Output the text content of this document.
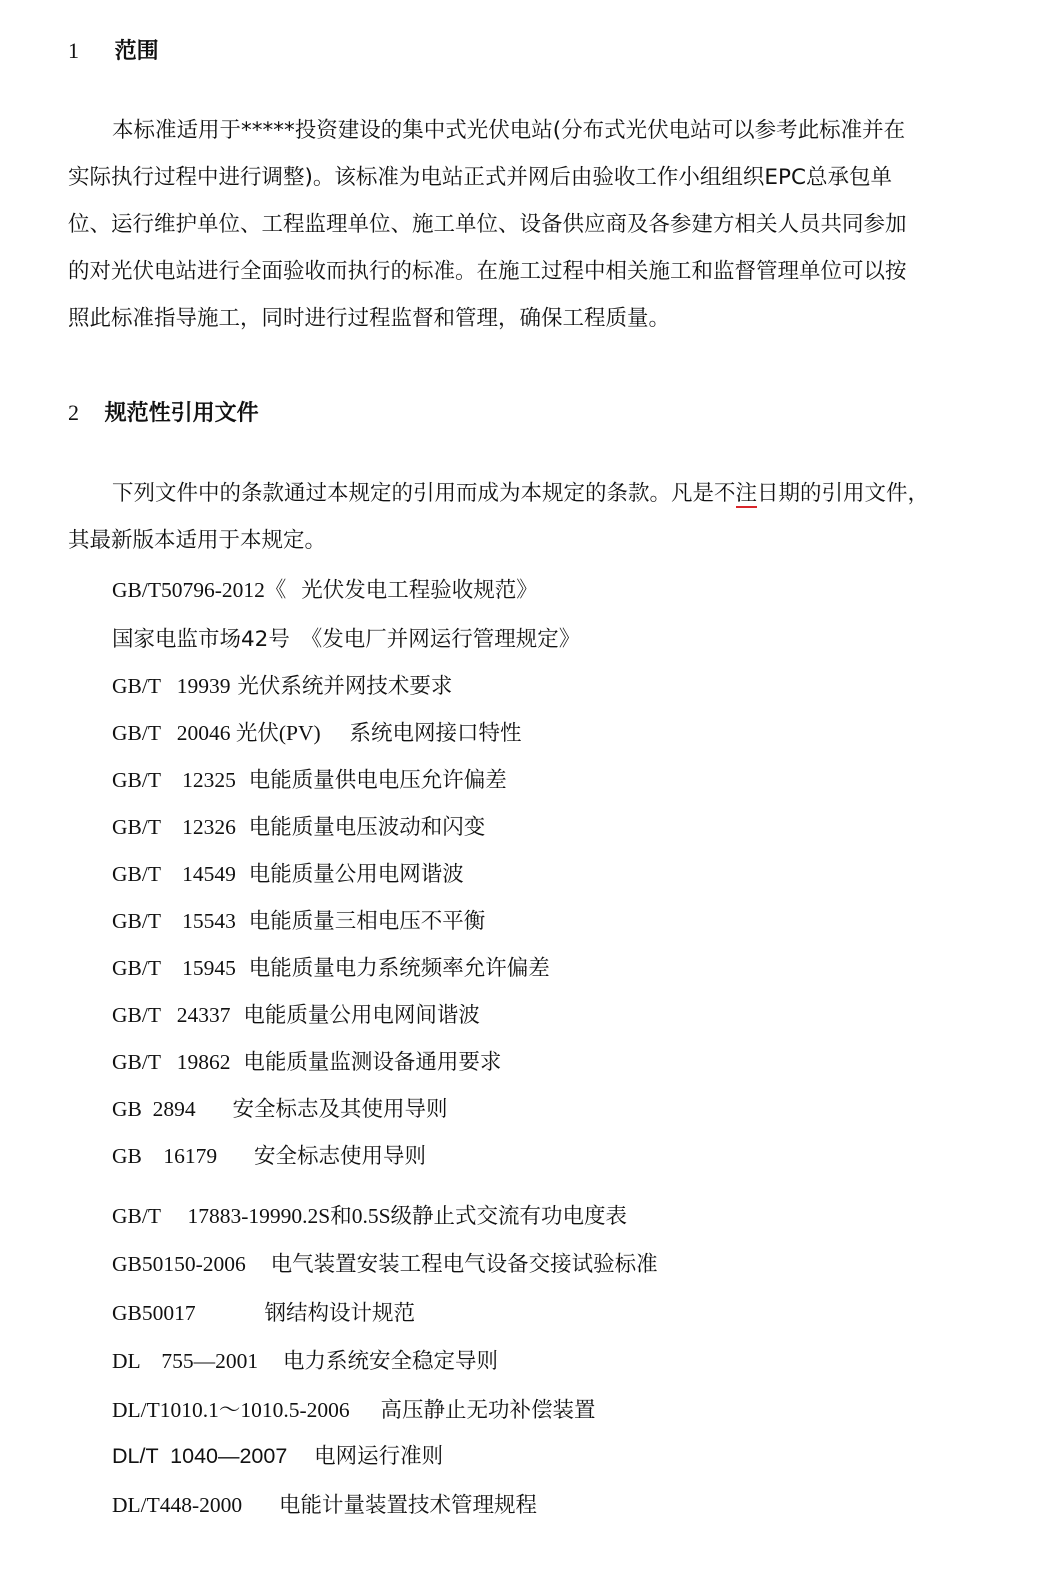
1 范围
本标准适用于*****投资建设的集中式光伏电站(分布式光伏电站可以参考此标准并在
实际执行过程中进行调整)。该标准为电站正式并网后由验收工作小组组织EPC总承包单
位、运行维护单位、工程监理单位、施工单位、设备供应商及各参建方相关人员共同参加
的对光伏电站进行全面验收而执行的标准。在施工过程中相关施工和监督管理单位可以按
照此标准指导施工，同时进行过程监督和管理，确保工程质量。
2 规范性引用文件
下列文件中的条款通过本规定的引用而成为本规定的条款。凡是不注日期的引用文件，
其最新版本适用于本规定。
GB/T50796-2012《 光伏发电工程验收规范》
国家电监市场42号 《发电厂并网运行管理规定》
GB/T   19939 光伏系统并网技术要求
GB/T   20046 光伏(PV) 系统电网接口特性
GB/T    12325 电能质量供电电压允许偏差
GB/T    12326 电能质量电压波动和闪变
GB/T    14549 电能质量公用电网谐波
GB/T    15543 电能质量三相电压不平衡
GB/T    15945 电能质量电力系统频率允许偏差
GB/T   24337 电能质量公用电网间谐波
GB/T   19862 电能质量监测设备通用要求
GB  2894 安全标志及其使用导则
GB    16179 安全标志使用导则
GB/T     17883-19990.2S和0.5S级静止式交流有功电度表
GB50150-2006 电气装置安装工程电气设备交接试验标准
GB50017	钢结构设计规范
DL    755—2001 电力系统安全稳定导则
DL/T1010.1～1010.5-2006 高压静止无功补偿装置
DL/T  1040—2007 电网运行准则
DL/T448-2000 电能计量装置技术管理规程
